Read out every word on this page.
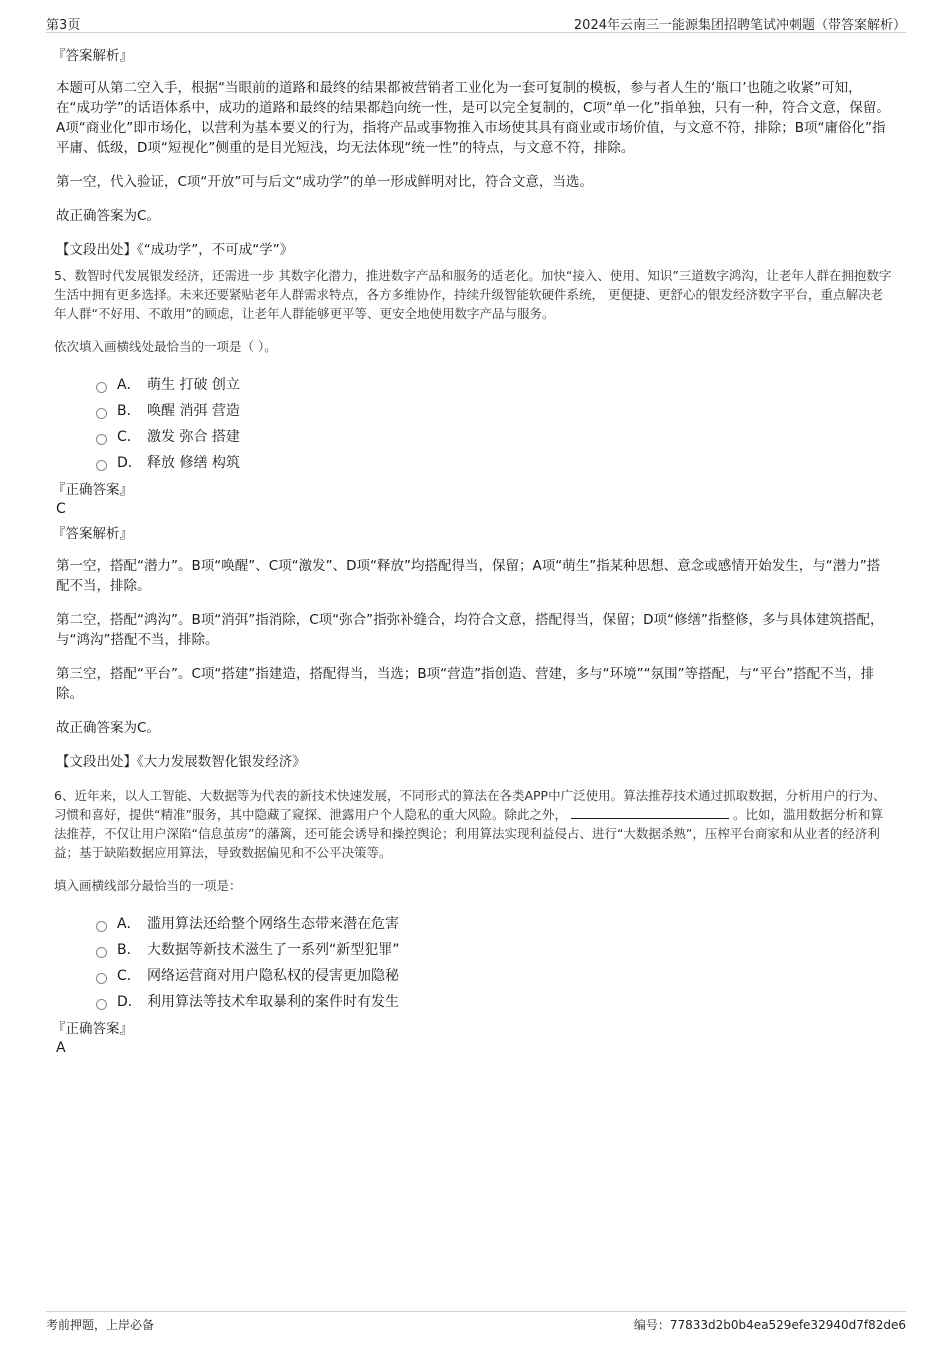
第3页	2024年云南三一能源集团招聘笔试冲刺题（带答案解析）
『答案解析』

本题可从第二空入手，根据“当眼前的道路和最终的结果都被营销者工业化为一套可复制的模板，参与者人生的‘瓶口’也随之收紧”可知，在“成功学”的话语体系中，成功的道路和最终的结果都趋向统一性，是可以完全复制的，C项“单一化”指单独，只有一种，符合文意，保留。A项“商业化”即市场化，以营利为基本要义的行为，指将产品或事物推入市场使其具有商业或市场价值，与文意不符，排除；B项“庸俗化”指平庸、低级，D项“短视化”侧重的是目光短浅，均无法体现“统一性”的特点，与文意不符，排除。

第一空，代入验证，C项“开放”可与后文“成功学”的单一形成鲜明对比，符合文意，当选。

故正确答案为C。

【文段出处】《“成功学”，不可成“学”》

5、数智时代发展银发经济，还需进一步 其数字化潜力，推进数字产品和服务的适老化。加快“接入、使用、知识”三道数字鸿沟，让老年人群在拥抱数字生活中拥有更多选择。未来还要紧贴老年人群需求特点，各方多维协作，持续升级智能软硬件系统， 更便捷、更舒心的银发经济数字平台，重点解决老年人群“不好用、不敢用”的顾虑，让老年人群能够更平等、更安全地使用数字产品与服务。

依次填入画横线处最恰当的一项是（ ）。

A． 萌生 打破 创立
B． 唤醒 消弭 营造
C． 激发 弥合 搭建
D． 释放 修缮 构筑
『正确答案』
C
『答案解析』

第一空，搭配“潜力”。B项“唤醒”、C项“激发”、D项“释放”均搭配得当，保留；A项“萌生”指某种思想、意念或感情开始发生，与“潜力”搭配不当，排除。

第二空，搭配“鸿沟”。B项“消弭”指消除，C项“弥合”指弥补缝合，均符合文意，搭配得当，保留；D项“修缮”指整修，多与具体建筑搭配，与“鸿沟”搭配不当，排除。

第三空，搭配“平台”。C项“搭建”指建造，搭配得当，当选；B项“营造”指创造、营建，多与“环境”“氛围”等搭配，与“平台”搭配不当，排除。

故正确答案为C。

【文段出处】《大力发展数智化银发经济》

6、近年来，以人工智能、大数据等为代表的新技术快速发展，不同形式的算法在各类APP中广泛使用。算法推荐技术通过抓取数据，分析用户的行为、习惯和喜好，提供“精准”服务，其中隐藏了窥探、泄露用户个人隐私的重大风险。除此之外，	。比如，滥用数据分析和算法推荐，不仅让用户深陷“信息茧房”的藩篱，还可能会诱导和操控舆论；利用算法实现利益侵占、进行“大数据杀熟”，压榨平台商家和从业者的经济利益；基于缺陷数据应用算法，导致数据偏见和不公平决策等。

填入画横线部分最恰当的一项是：

A． 滥用算法还给整个网络生态带来潜在危害
B． 大数据等新技术滋生了一系列“新型犯罪”
C． 网络运营商对用户隐私权的侵害更加隐秘
D． 利用算法等技术牟取暴利的案件时有发生
『正确答案』
A
考前押题，上岸必备	编号：77833d2b0b4ea529efe32940d7f82de6
